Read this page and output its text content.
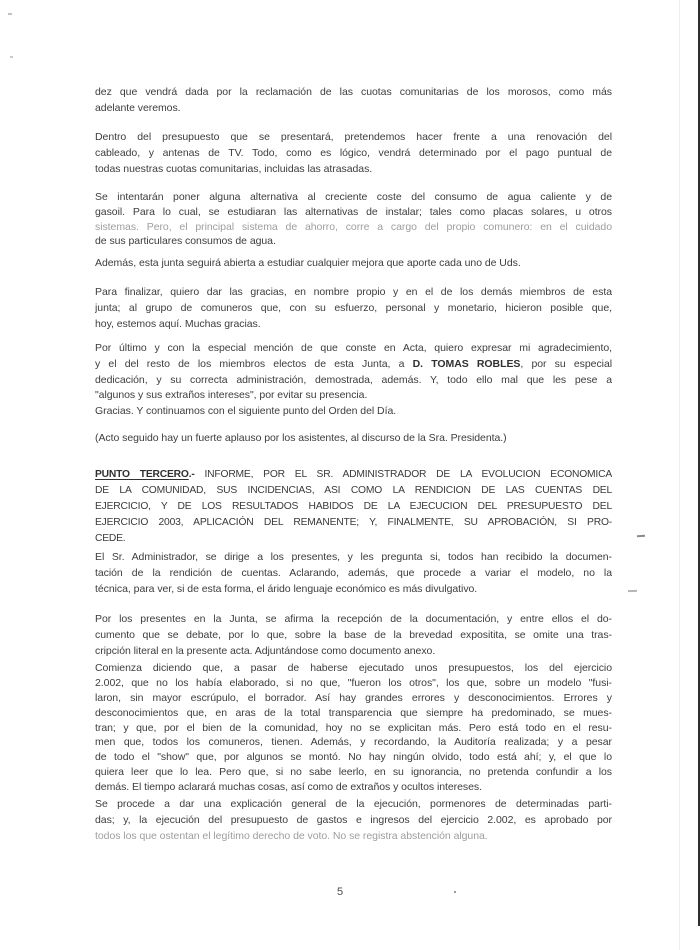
dez que vendrá dada por la reclamación de las cuotas comunitarias de los morosos, como más
adelante veremos.
Dentro del presupuesto que se presentará, pretendemos hacer frente a una renovación del
cableado, y antenas de TV. Todo, como es lógico, vendrá determinado por el pago puntual de
todas nuestras cuotas comunitarias, incluidas las atrasadas.
Se intentarán poner alguna alternativa al creciente coste del consumo de agua caliente y de
gasoil. Para lo cual, se estudiaran las alternativas de instalar; tales como placas solares, u otros
sistemas. Pero, el principal sistema de ahorro, corre a cargo del propio comunero: en el cuidado
de sus particulares consumos de agua.
Además, esta junta seguirá abierta a estudiar cualquier mejora que aporte cada uno de Uds.
Para finalizar, quiero dar las gracias, en nombre propio y en el de los demás miembros de esta
junta; al grupo de comuneros que, con su esfuerzo, personal y monetario, hicieron posible que,
hoy, estemos aquí. Muchas gracias.
Por último y con la especial mención de que conste en Acta, quiero expresar mi agradecimiento,
y el del resto de los miembros electos de esta Junta, a D. TOMAS ROBLES, por su especial
dedicación, y su correcta administración, demostrada, además. Y, todo ello mal que les pese a
"algunos y sus extraños intereses", por evitar su presencia.
Gracias. Y continuamos con el siguiente punto del Orden del Día.
(Acto seguido hay un fuerte aplauso por los asistentes, al discurso de la Sra. Presidenta.)
PUNTO TERCERO.- INFORME, POR EL SR. ADMINISTRADOR DE LA EVOLUCION ECONOMICA
DE LA COMUNIDAD, SUS INCIDENCIAS, ASI COMO LA RENDICION DE LAS CUENTAS DEL
EJERCICIO, Y DE LOS RESULTADOS HABIDOS DE LA EJECUCION DEL PRESUPUESTO DEL
EJERCICIO 2003, APLICACIÓN DEL REMANENTE; Y, FINALMENTE, SU APROBACIÓN, SI PRO-
CEDE.
El Sr. Administrador, se dirige a los presentes, y les pregunta si, todos han recibido la documen-
tación de la rendición de cuentas. Aclarando, además, que procede a variar el modelo, no la
técnica, para ver, si de esta forma, el árido lenguaje económico es más divulgativo.
Por los presentes en la Junta, se afirma la recepción de la documentación, y entre ellos el do-
cumento que se debate, por lo que, sobre la base de la brevedad expositita, se omite una tras-
cripción literal en la presente acta. Adjuntándose como documento anexo.
Comienza diciendo que, a pasar de haberse ejecutado unos presupuestos, los del ejercicio
2.002, que no los había elaborado, si no que, "fueron los otros", los que, sobre un modelo "fusi-
laron, sin mayor escrúpulo, el borrador. Así hay grandes errores y desconocimientos. Errores y
desconocimientos que, en aras de la total transparencia que siempre ha predominado, se mues-
tran; y que, por el bien de la comunidad, hoy no se explicitan más. Pero está todo en el resu-
men que, todos los comuneros, tienen. Además, y recordando, la Auditoría realizada; y a pesar
de todo el "show" que, por algunos se montó. No hay ningún olvido, todo está ahí; y, el que lo
quiera leer que lo lea. Pero que, si no sabe leerlo, en su ignorancia, no pretenda confundir a los
demás. El tiempo aclarará muchas cosas, así como de extraños y ocultos intereses.
Se procede a dar una explicación general de la ejecución, pormenores de determinadas parti-
das; y, la ejecución del presupuesto de gastos e ingresos del ejercicio 2.002, es aprobado por
todos los que ostentan el legítimo derecho de voto. No se registra abstención alguna.
5
